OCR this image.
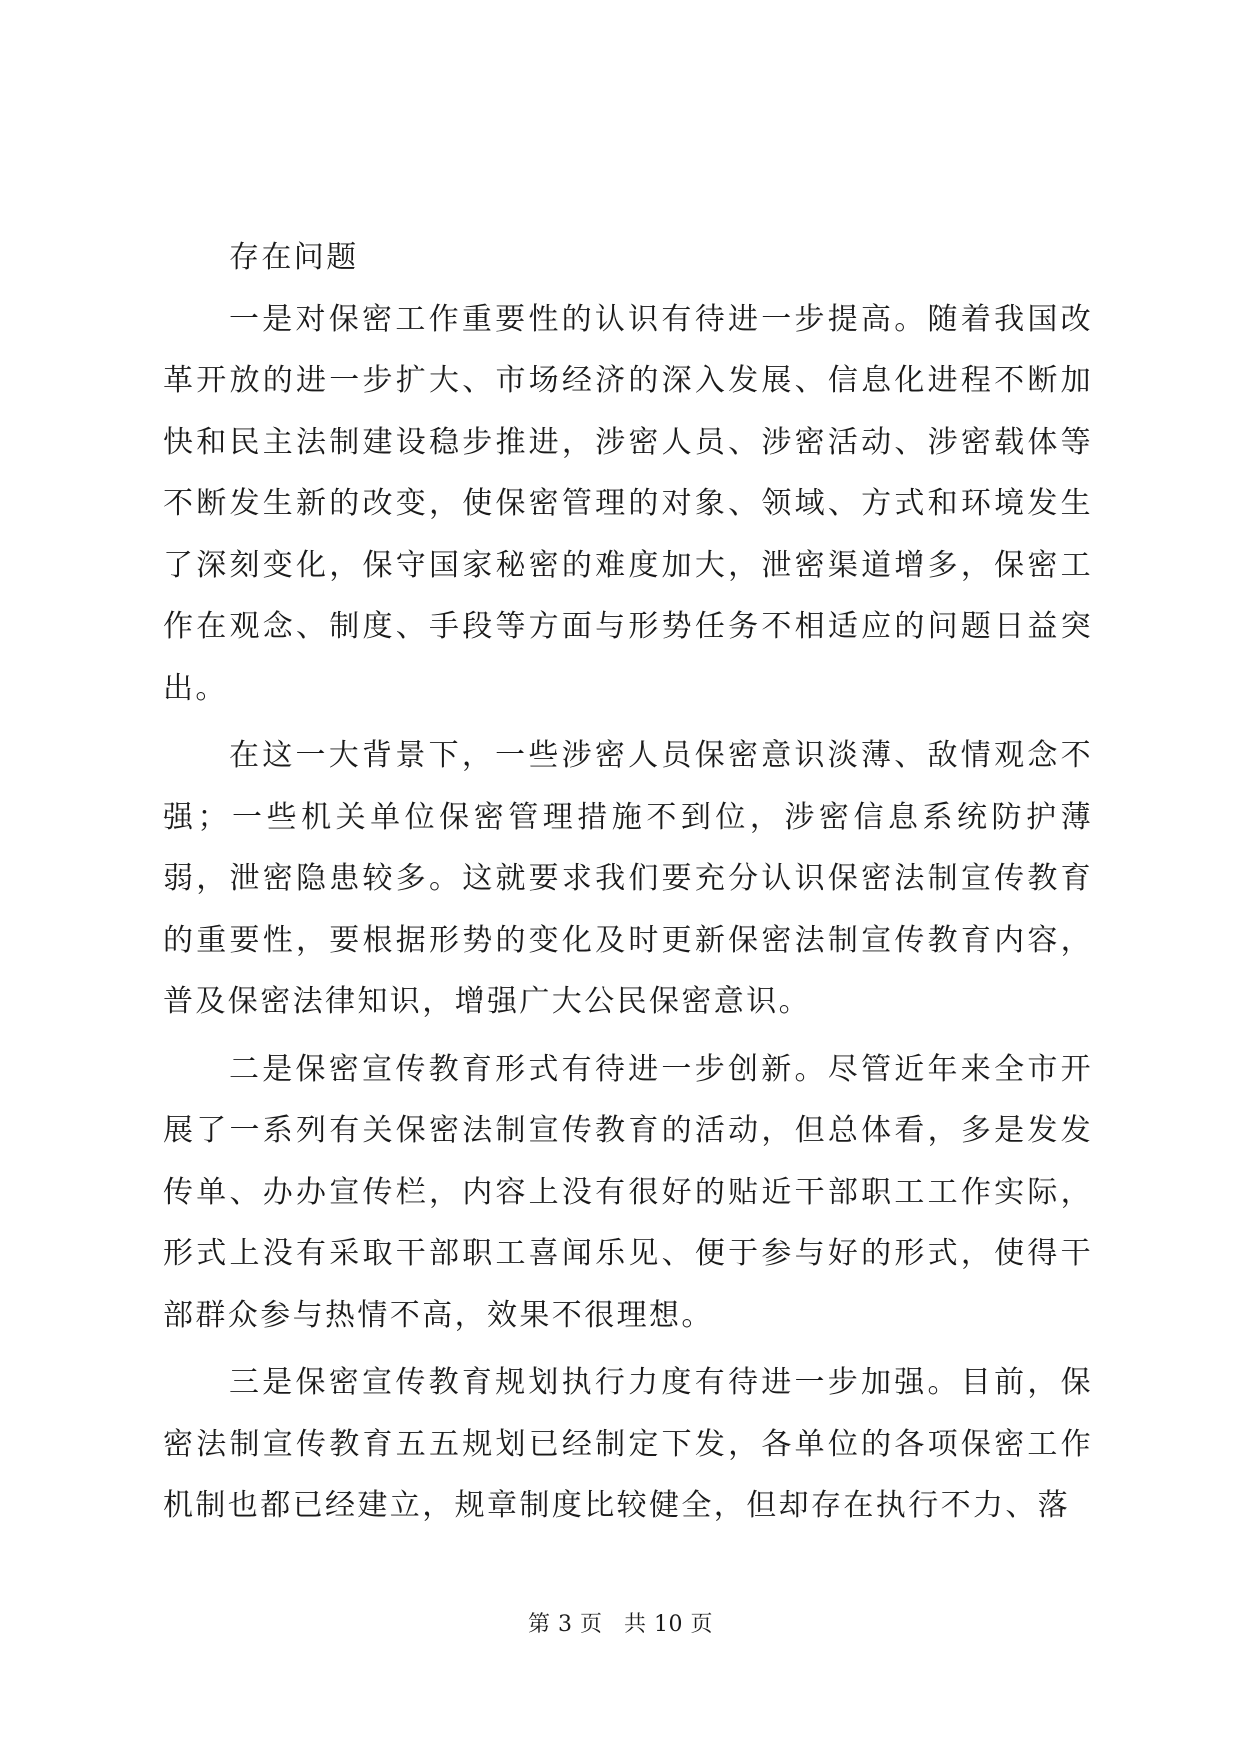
存在问题

一是对保密工作重要性的认识有待进一步提高。随着我国改革开放的进一步扩大、市场经济的深入发展、信息化进程不断加快和民主法制建设稳步推进，涉密人员、涉密活动、涉密载体等不断发生新的改变，使保密管理的对象、领域、方式和环境发生了深刻变化，保守国家秘密的难度加大，泄密渠道增多，保密工作在观念、制度、手段等方面与形势任务不相适应的问题日益突出。

在这一大背景下，一些涉密人员保密意识淡薄、敌情观念不强；一些机关单位保密管理措施不到位，涉密信息系统防护薄弱，泄密隐患较多。这就要求我们要充分认识保密法制宣传教育的重要性，要根据形势的变化及时更新保密法制宣传教育内容，普及保密法律知识，增强广大公民保密意识。

二是保密宣传教育形式有待进一步创新。尽管近年来全市开展了一系列有关保密法制宣传教育的活动，但总体看，多是发发传单、办办宣传栏，内容上没有很好的贴近干部职工工作实际，形式上没有采取干部职工喜闻乐见、便于参与好的形式，使得干部群众参与热情不高，效果不很理想。

三是保密宣传教育规划执行力度有待进一步加强。目前，保密法制宣传教育五五规划已经制定下发，各单位的各项保密工作机制也都已经建立，规章制度比较健全，但却存在执行不力、落

第 3 页 共 10 页
